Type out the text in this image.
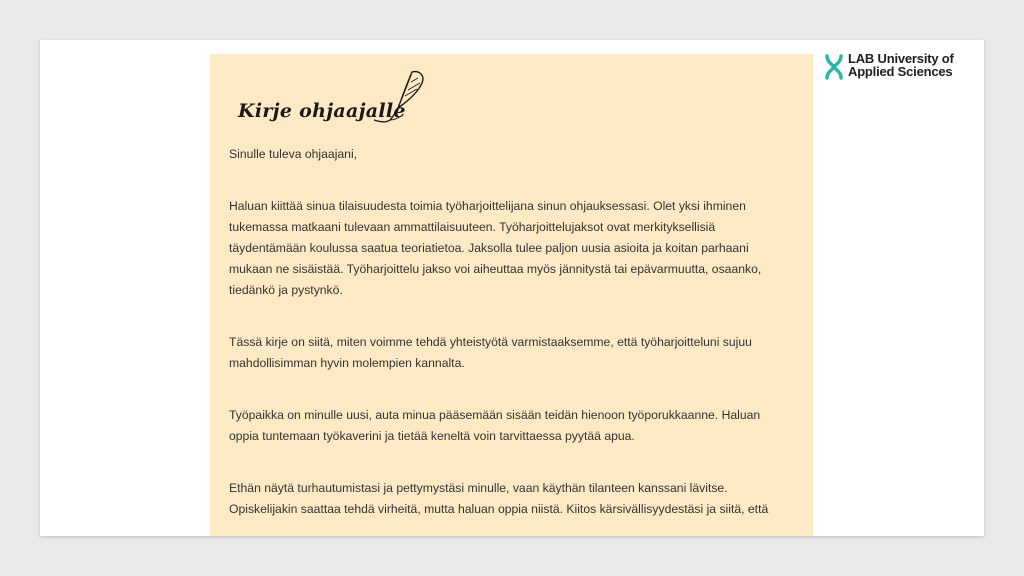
Kirje ohjaajalle

Sinulle tuleva ohjaajani,

Haluan kiittää sinua tilaisuudesta toimia työharjoittelijana sinun ohjauksessasi. Olet yksi ihminen tukemassa matkaani tulevaan ammattilaisuuteen. Työharjoittelujaksot ovat merkityksellisiä täydentämään koulussa saatua teoriatietoa. Jaksolla tulee paljon uusia asioita ja koitan parhaani mukaan ne sisäistää. Työharjoittelu jakso voi aiheuttaa myös jännitystä tai epävarmuutta, osaanko, tiedänkö ja pystynkö.

Tässä kirje on siitä, miten voimme tehdä yhteistyötä varmistaaksemme, että työharjoitteluni sujuu mahdollisimman hyvin molempien kannalta.

Työpaikka on minulle uusi, auta minua pääsemään sisään teidän hienoon työporukkaanne. Haluan oppia tuntemaan työkaverini ja tietää keneltä voin tarvittaessa pyytää apua.

Ethän näytä turhautumistasi ja pettymystäsi minulle, vaan käythän tilanteen kanssani lävitse. Opiskelijakin saattaa tehdä virheitä, mutta haluan oppia niistä. Kiitos kärsivällisyydestäsi ja siitä, että

LAB University of
Applied Sciences
